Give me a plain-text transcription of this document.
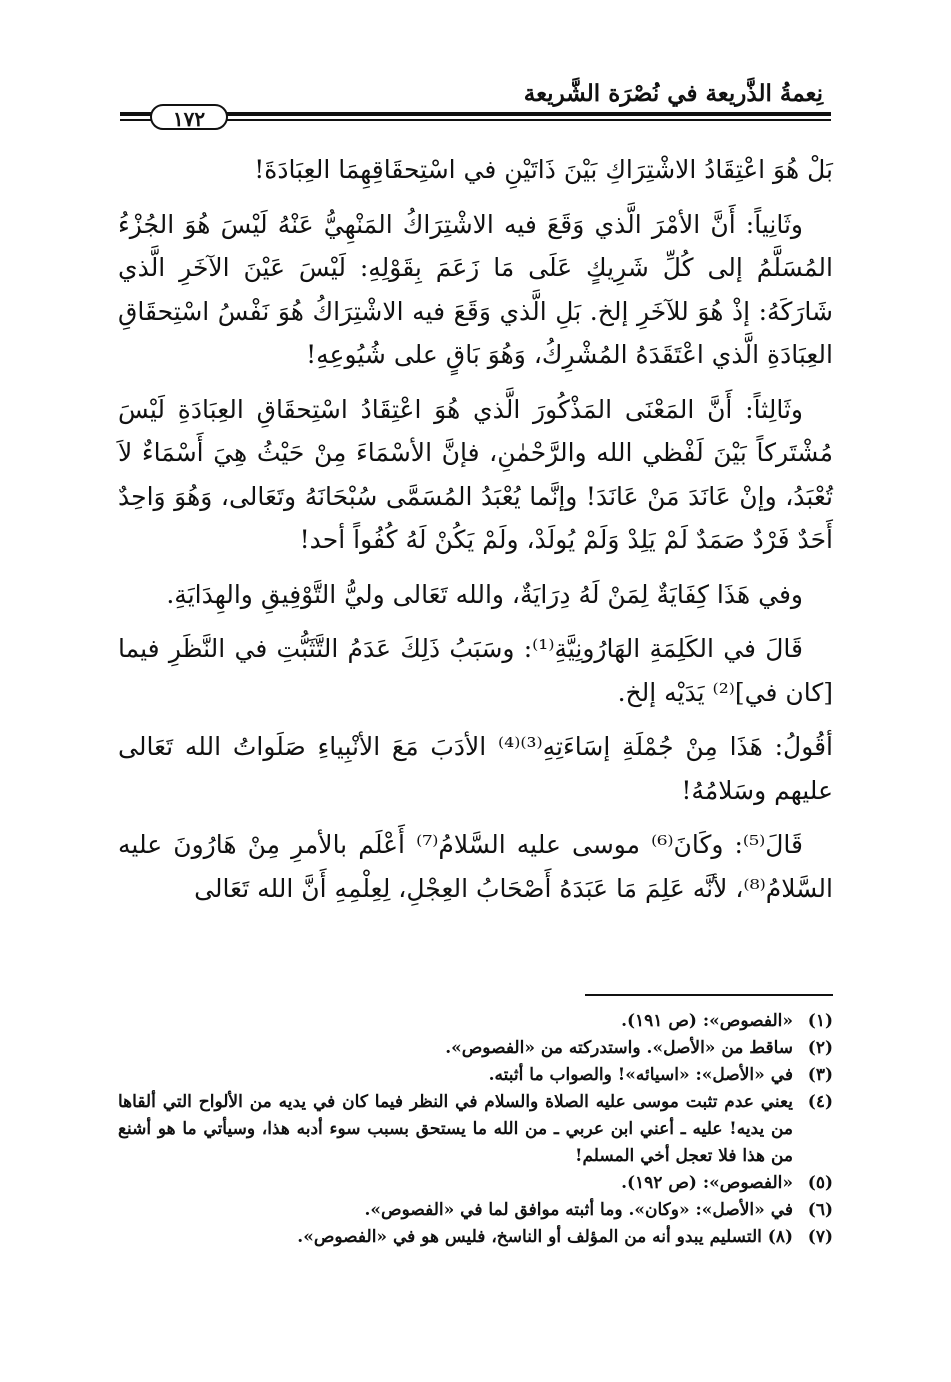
نِعمةُ الذَّريعة في نُصْرَة الشَّريعة
١٧٢

بَلْ هُوَ اعْتِقَادُ الاشْتِرَاكِ بَيْنَ ذَاتَيْنِ في اسْتِحقَاقِهِمَا العِبَادَةَ!

وثَانِياً: أَنَّ الأمْرَ الَّذي وَقَعَ فيه الاشْتِرَاكُ المَنْهِيُّ عَنْهُ لَيْسَ هُوَ الجُزْءُ المُسَلَّمُ إلى كُلِّ شَرِيكٍ عَلَى مَا زَعَمَ بِقَوْلِهِ: لَيْسَ عَيْنَ الآخَرِ الَّذي شَارَكَهُ: إذْ هُوَ للآخَرِ إلخ. بَلِ الَّذي وَقَعَ فيه الاشْتِرَاكُ هُوَ نَفْسُ اسْتِحقَاقِ العِبَادَةِ الَّذي اعْتَقَدَهُ المُشْرِكُ، وَهُوَ بَاقٍ على شُيُوعِهِ!

وثَالِثاً: أَنَّ المَعْنَى المَذْكُورَ الَّذي هُوَ اعْتِقَادُ اسْتِحقَاقِ العِبَادَةِ لَيْسَ مُشْتَركاً بَيْنَ لَفْظي الله والرَّحْمٰنِ، فإنَّ الأسْمَاءَ مِنْ حَيْثُ هِيَ أَسْمَاءٌ لاَ تُعْبَدُ، وإنْ عَانَدَ مَنْ عَانَدَ! وإنَّما يُعْبَدُ المُسَمَّى سُبْحَانَهُ وتَعَالى، وَهُوَ وَاحِدٌ أَحَدٌ فَرْدٌ صَمَدٌ لَمْ يَلِدْ وَلَمْ يُولَدْ، ولَمْ يَكُنْ لَهُ كُفُواً أحد!

وفي هَذَا كِفَايَةٌ لِمَنْ لَهُ دِرَايَةٌ، والله تَعَالى وليُّ التَّوْفِيقِ والهِدَايَةِ.

قَالَ في الكَلِمَةِ الهَارُونِيَّةِ⁽¹⁾: وسَبَبُ ذَلِكَ عَدَمُ التَّثَبُّتِ في النَّظَرِ فيما [كان في]⁽²⁾ يَدَيْه إلخ.

أقُولُ: هَذَا مِنْ جُمْلَةِ إسَاءَتِهِ⁽³⁾⁽⁴⁾ الأدَبَ مَعَ الأنْبِياءِ صَلَواتُ الله تَعَالى عليهم وسَلامُهُ!

قَالَ⁽⁵⁾: وكَانَ⁽⁶⁾ موسى عليه السَّلامُ⁽⁷⁾ أَعْلَم بالأمرِ مِنْ هَارُونَ عليه السَّلامُ⁽⁸⁾، لأنَّه عَلِمَ مَا عَبَدَهُ أَصْحَابُ العِجْلِ، لِعِلْمِهِ أَنَّ الله تَعَالى

(١)
«الفصوص»: (ص ١٩١).
(٢)
ساقط من «الأصل». واستدركته من «الفصوص».
(٣)
في «الأصل»: «اسيائه»! والصواب ما أثبته.
(٤)
يعني عدم تثبت موسى عليه الصلاة والسلام في النظر فيما كان في يديه من الألواح التي ألقاها من يديه! عليه ـ أعني ابن عربي ـ من الله ما يستحق بسبب سوء أدبه هذا، وسيأتي ما هو أشنع من هذا فلا تعجل أخي المسلم!
(٥)
«الفصوص»: (ص ١٩٢).
(٦)
في «الأصل»: «وكان». وما أثبته موافق لما في «الفصوص».
(٧)
(٨) التسليم يبدو أنه من المؤلف أو الناسخ، فليس هو في «الفصوص».
